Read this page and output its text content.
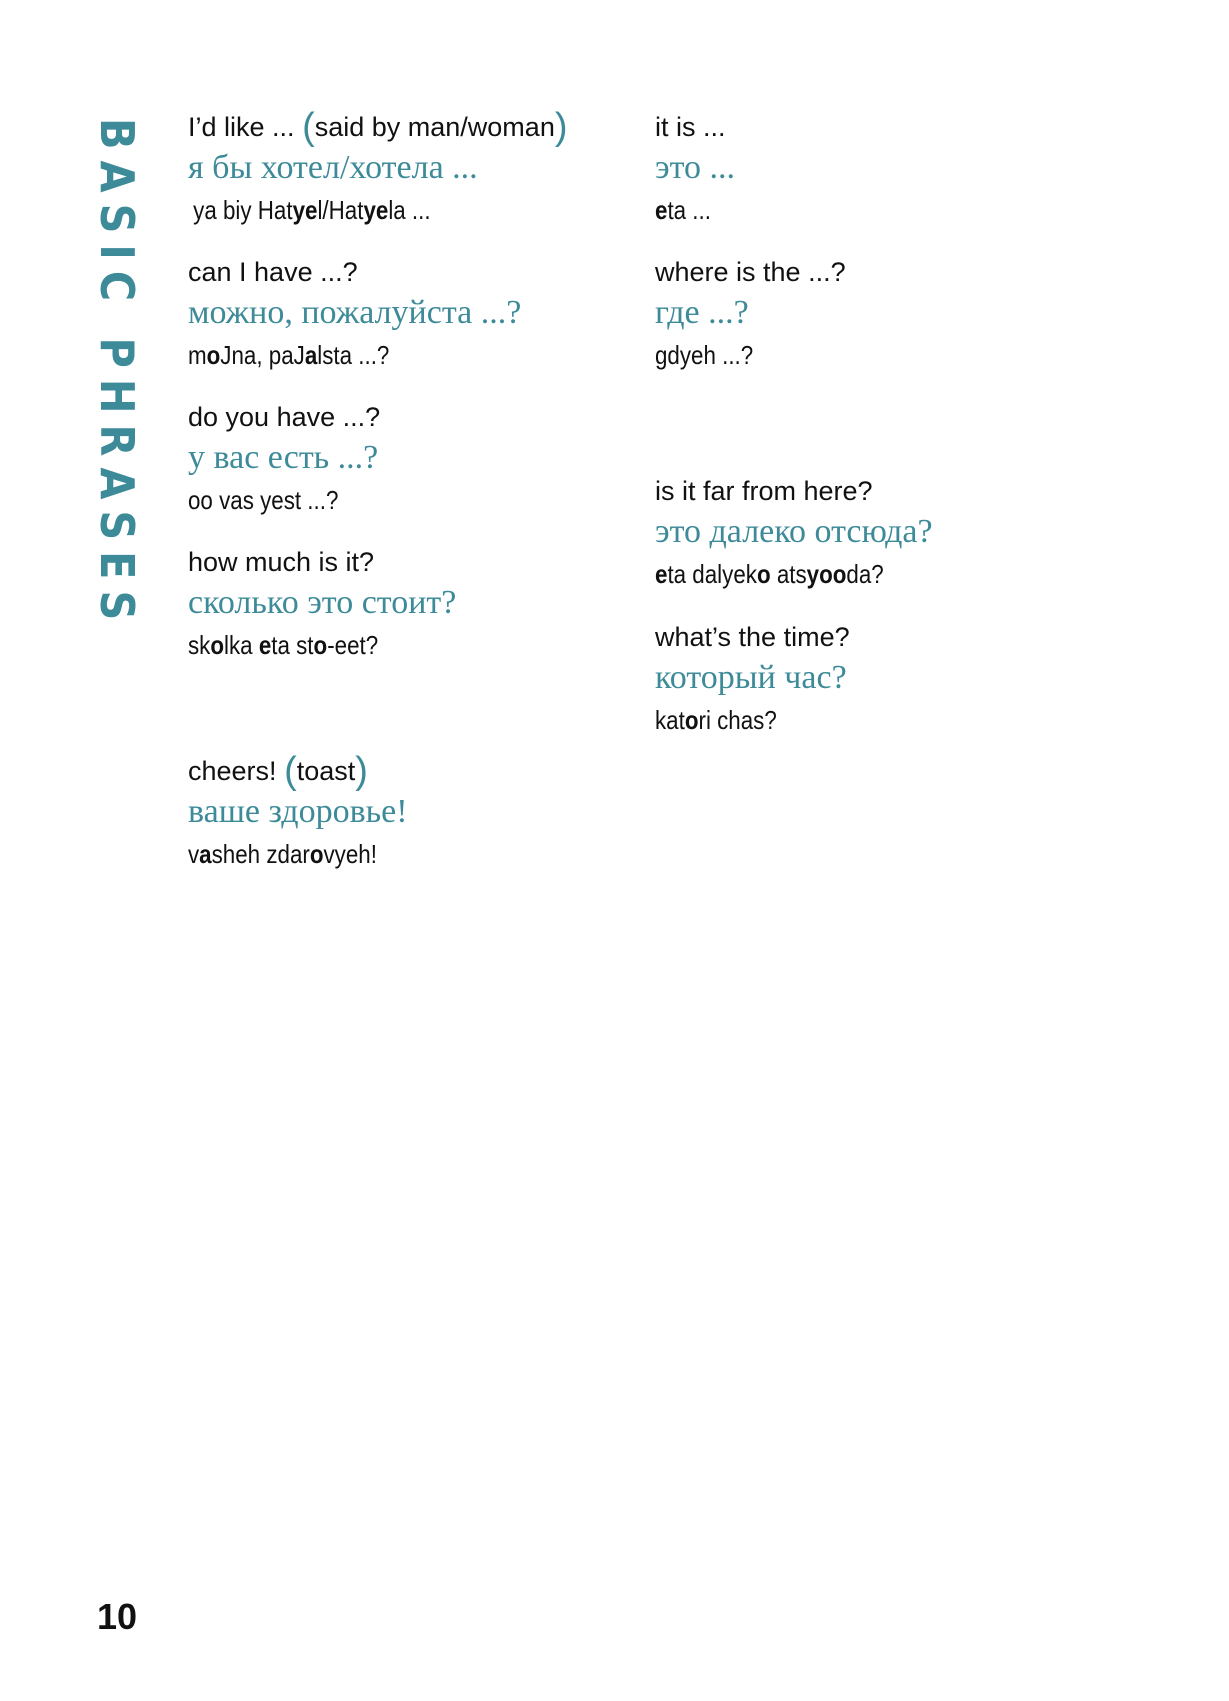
BASIC PHRASES I’d like ... (said by man/woman)
я бы хотел/хотела ...
ya biy Hatyel/Hatyela ...
can I have ...?
можно, пожалуйста ...?
moJna, paJalsta ...?
do you have ...?
у вас есть ...?
oo vas yest ...?
how much is it?
сколько это стоит?
skolka eta sto-eet?
cheers! (toast)
ваше здоровье!
vasheh zdarovyeh!
it is ...
это ...
eta ...
where is the ...?
где ...?
gdyeh ...?
is it far from here?
это далеко отсюда?
eta dalyeko atsyooda?
what’s the time?
который час?
katori chas?
10
